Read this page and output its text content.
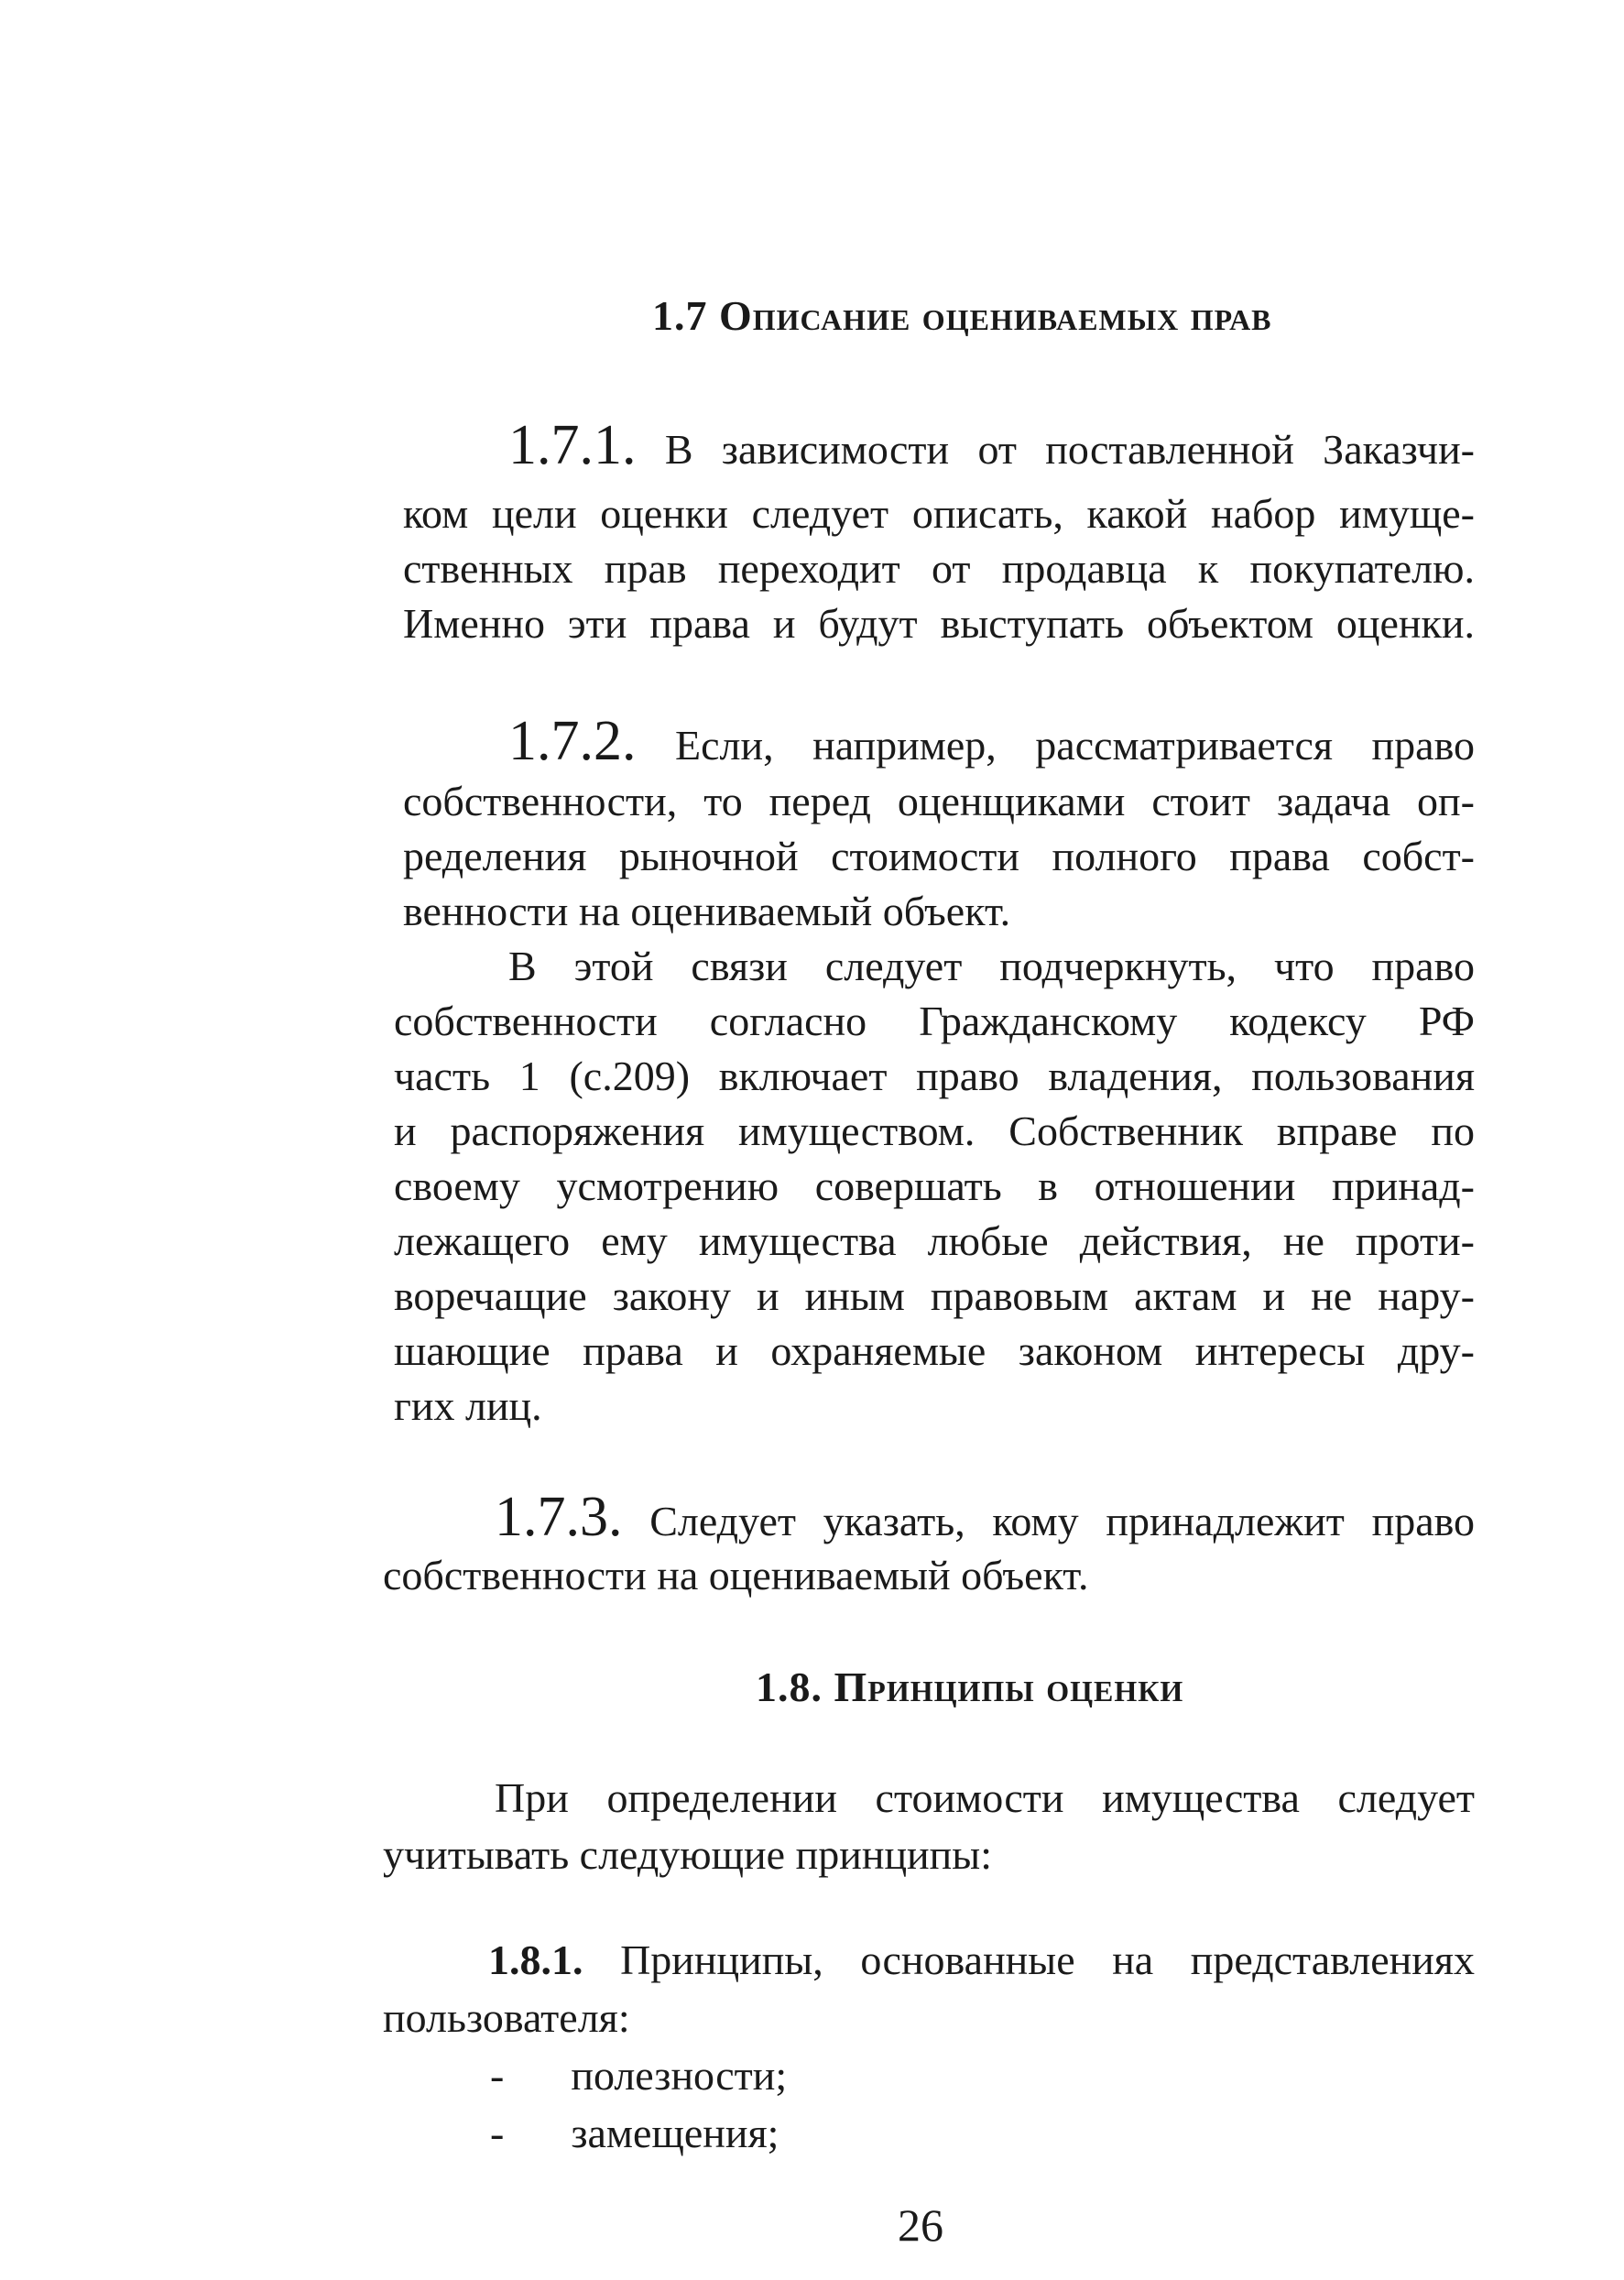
1.7 Описание оцениваемых прав
1.7.1. В зависимости от поставленной Заказчи-
ком цели оценки следует описать, какой набор имуще-
ственных прав переходит от продавца к покупателю.
Именно эти права и будут выступать объектом оценки.
1.7.2. Если, например, рассматривается право
собственности, то перед оценщиками стоит задача оп-
ределения рыночной стоимости полного права собст-
венности на оцениваемый объект.
В этой связи следует подчеркнуть, что право
собственности согласно Гражданскому кодексу РФ
часть 1 (с.209) включает право владения, пользования
и распоряжения имуществом. Собственник вправе по
своему усмотрению совершать в отношении принад-
лежащего ему имущества любые действия, не проти-
воречащие закону и иным правовым актам и не нару-
шающие права и охраняемые законом интересы дру-
гих лиц.
1.7.3. Следует указать, кому принадлежит право
собственности на оцениваемый объект.
1.8. Принципы оценки
При определении стоимости имущества следует
учитывать следующие принципы:
1.8.1. Принципы, основанные на представлениях
пользователя:
- полезности;
- замещения;
26
